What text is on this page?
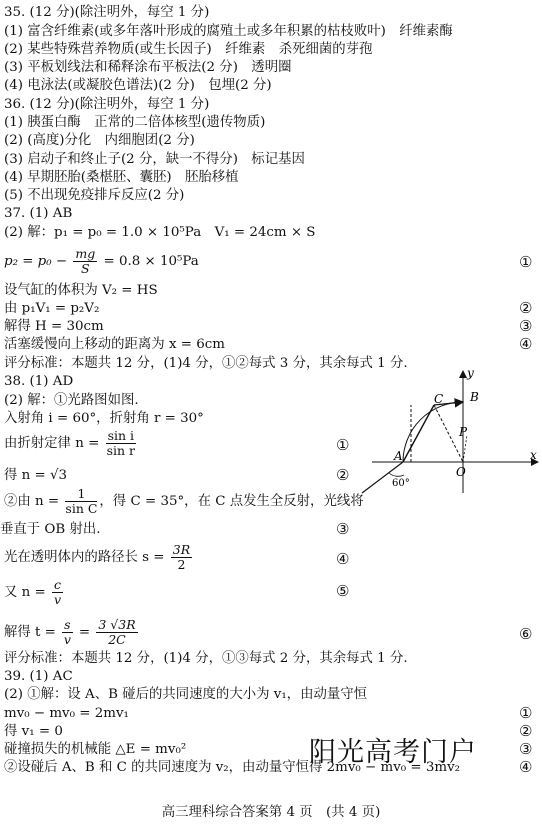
35. (12 分)(除注明外，每空 1 分)
(1) 富含纤维素(或多年落叶形成的腐殖土或多年积累的枯枝败叶)　纤维素酶
(2) 某些特殊营养物质(或生长因子)　纤维素　杀死细菌的芽孢
(3) 平板划线法和稀释涂布平板法(2 分)　透明圈
(4) 电泳法(或凝胶色谱法)(2 分)　包埋(2 分)
36. (12 分)(除注明外，每空 1 分)
(1) 胰蛋白酶　正常的二倍体核型(遗传物质)
(2) (高度)分化　内细胞团(2 分)
(3) 启动子和终止子(2 分，缺一不得分)　标记基因
(4) 早期胚胎(桑椹胚、囊胚)　胚胎移植
(5) 不出现免疫排斥反应(2 分)
37. (1) AB
(2) 解：p₁ = p₀ = 1.0 × 10⁵Pa　V₁ = 24cm × S
$p_2 = p_0 - \frac{mg}{S} = 0.8 \times 10^5Pa$	①
设气缸的体积为 V₂ = HS
由 p₁V₁ = p₂V₂	②
解得 H = 30cm	③
活塞缓慢向上移动的距离为 x = 6cm	④
评分标准：本题共 12 分，(1)4 分，①②每式 3 分，其余每式 1 分.
38. (1) AD
(2) 解：①光路图如图.
入射角 i = 60°，折射角 r = 30°
由折射定律 $n = \frac{\text{sin i}}{\text{sin r}}$	①
得 n = √3	②
②由 $n = \frac{1}{\text{sin C}}$ ，得 C = 35°，在 C 点发生全反射，光线将
垂直于 OB 射出.	③
光在透明体内的路径长 $s = \frac{3R}{2}$	④
又 $n = \frac{c}{v}$	⑤
解得 $t = \frac{s}{v} = \frac{3 √3R}{2C}$	⑥
评分标准：本题共 12 分，(1)4 分，①③每式 2 分，其余每式 1 分.
39. (1) AC
(2) ①解：设 A、B 碰后的共同速度的大小为 v₁，由动量守恒
mv₀ − mv₀ = 2mv₁	①
得 v₁ = 0	②
碰撞损失的机械能 △E = mv₀²	③
②设碰后 A、B 和 C 的共同速度为 v₂，由动量守恒得 2mv₀ − mv₀ = 3mv₂	④
y
x
A
B
C
P
O
60°
阳光高考门户
高三理科综合答案第 4 页　(共 4 页)
